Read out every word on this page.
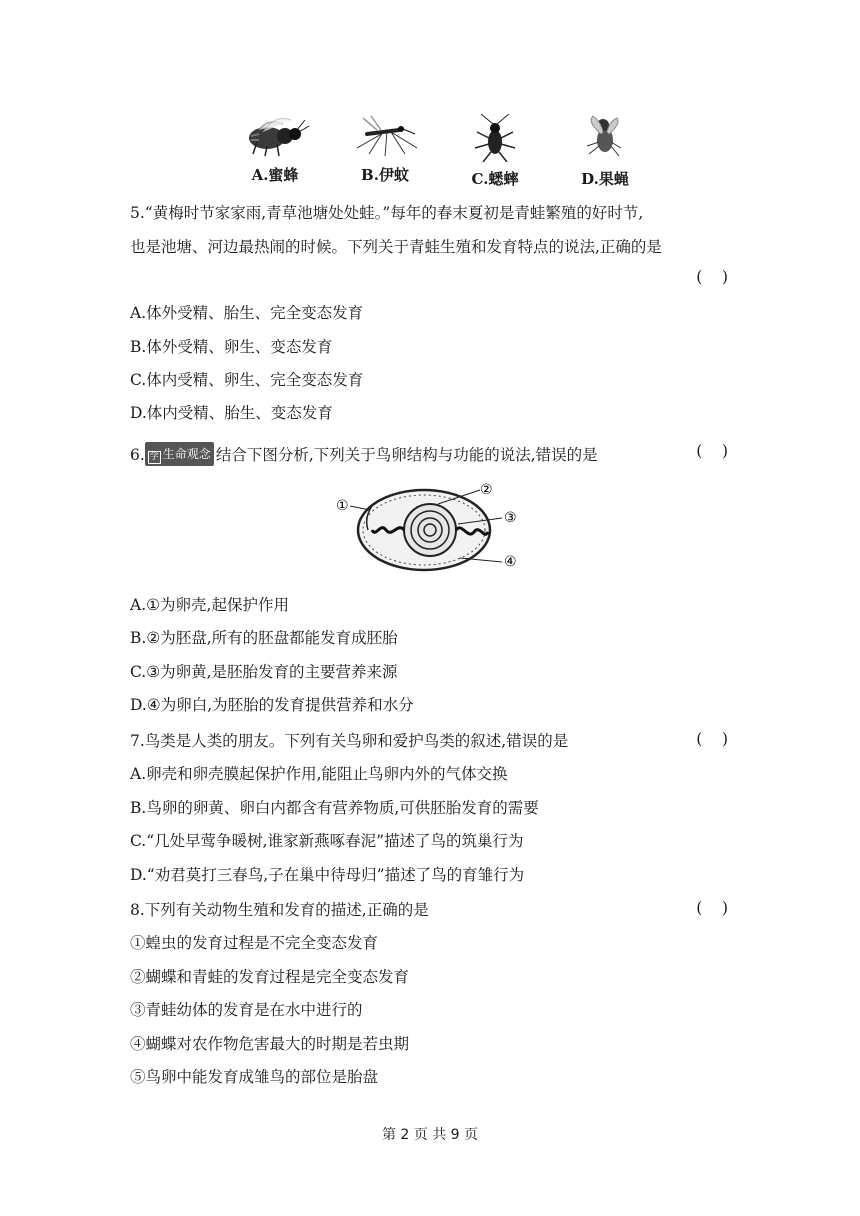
A.蜜蜂	B.伊蚊	C.蟋蟀	D.果蝇
5.“黄梅时节家家雨,青草池塘处处蛙。”每年的春末夏初是青蛙繁殖的好时节,
也是池塘、河边最热闹的时候。下列关于青蛙生殖和发育特点的说法,正确的是
(    )
A.体外受精、胎生、完全变态发育
B.体外受精、卵生、变态发育
C.体内受精、卵生、完全变态发育
D.体内受精、胎生、变态发育
6. 学 生命观念 结合下图分析,下列关于鸟卵结构与功能的说法,错误的是	(    )
①
②
③
④
A.①为卵壳,起保护作用
B.②为胚盘,所有的胚盘都能发育成胚胎
C.③为卵黄,是胚胎发育的主要营养来源
D.④为卵白,为胚胎的发育提供营养和水分
7.鸟类是人类的朋友。下列有关鸟卵和爱护鸟类的叙述,错误的是	(    )
A.卵壳和卵壳膜起保护作用,能阻止鸟卵内外的气体交换
B.鸟卵的卵黄、卵白内都含有营养物质,可供胚胎发育的需要
C.“几处早莺争暖树,谁家新燕啄春泥”描述了鸟的筑巢行为
D.“劝君莫打三春鸟,子在巢中待母归”描述了鸟的育雏行为
8.下列有关动物生殖和发育的描述,正确的是	(    )
①蝗虫的发育过程是不完全变态发育
②蝴蝶和青蛙的发育过程是完全变态发育
③青蛙幼体的发育是在水中进行的
④蝴蝶对农作物危害最大的时期是若虫期
⑤鸟卵中能发育成雏鸟的部位是胎盘
第 2 页 共 9 页
